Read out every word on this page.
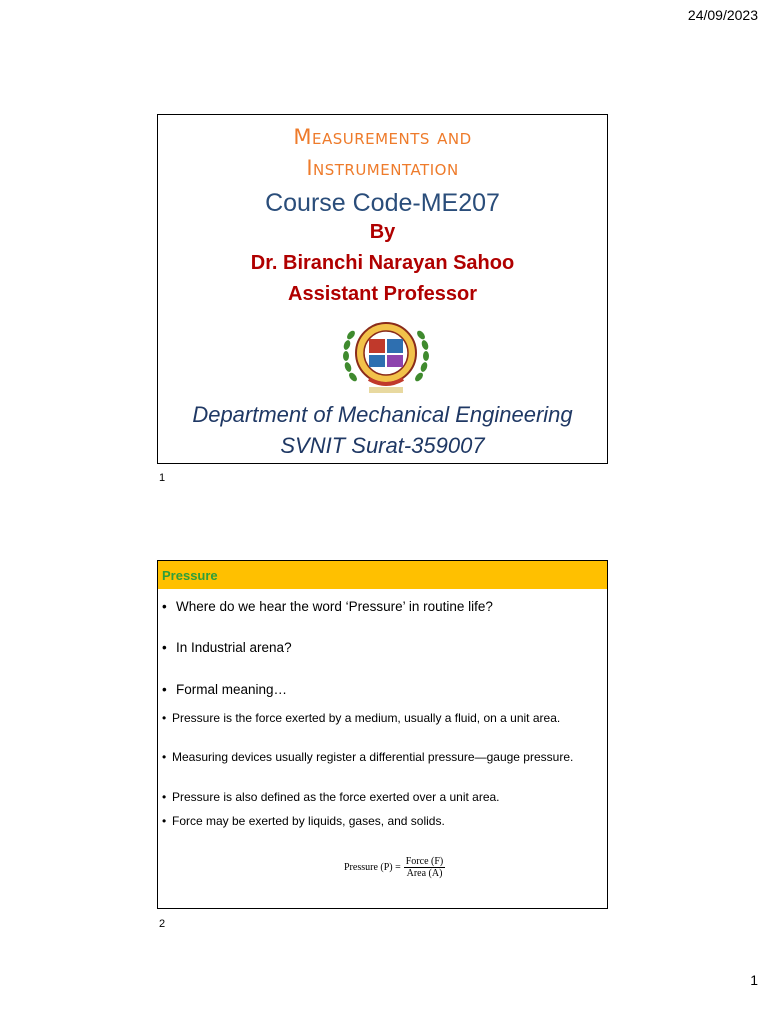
24/09/2023
Measurements and
Instrumentation
Course Code-ME207
By
Dr. Biranchi Narayan Sahoo
Assistant Professor
Department of Mechanical Engineering
SVNIT Surat-359007
1
Pressure
• Where do we hear the word ‘Pressure’ in routine life?
• In Industrial arena?
• Formal meaning…
• Pressure is the force exerted by a medium, usually a fluid, on a unit area.
• Measuring devices usually register a differential pressure—gauge pressure.
• Pressure is also defined as the force exerted over a unit area.
• Force may be exerted by liquids, gases, and solids.
Pressure $(P) = \frac{\text{Force (F)}}{\text{Area (A)}}$
2
1
